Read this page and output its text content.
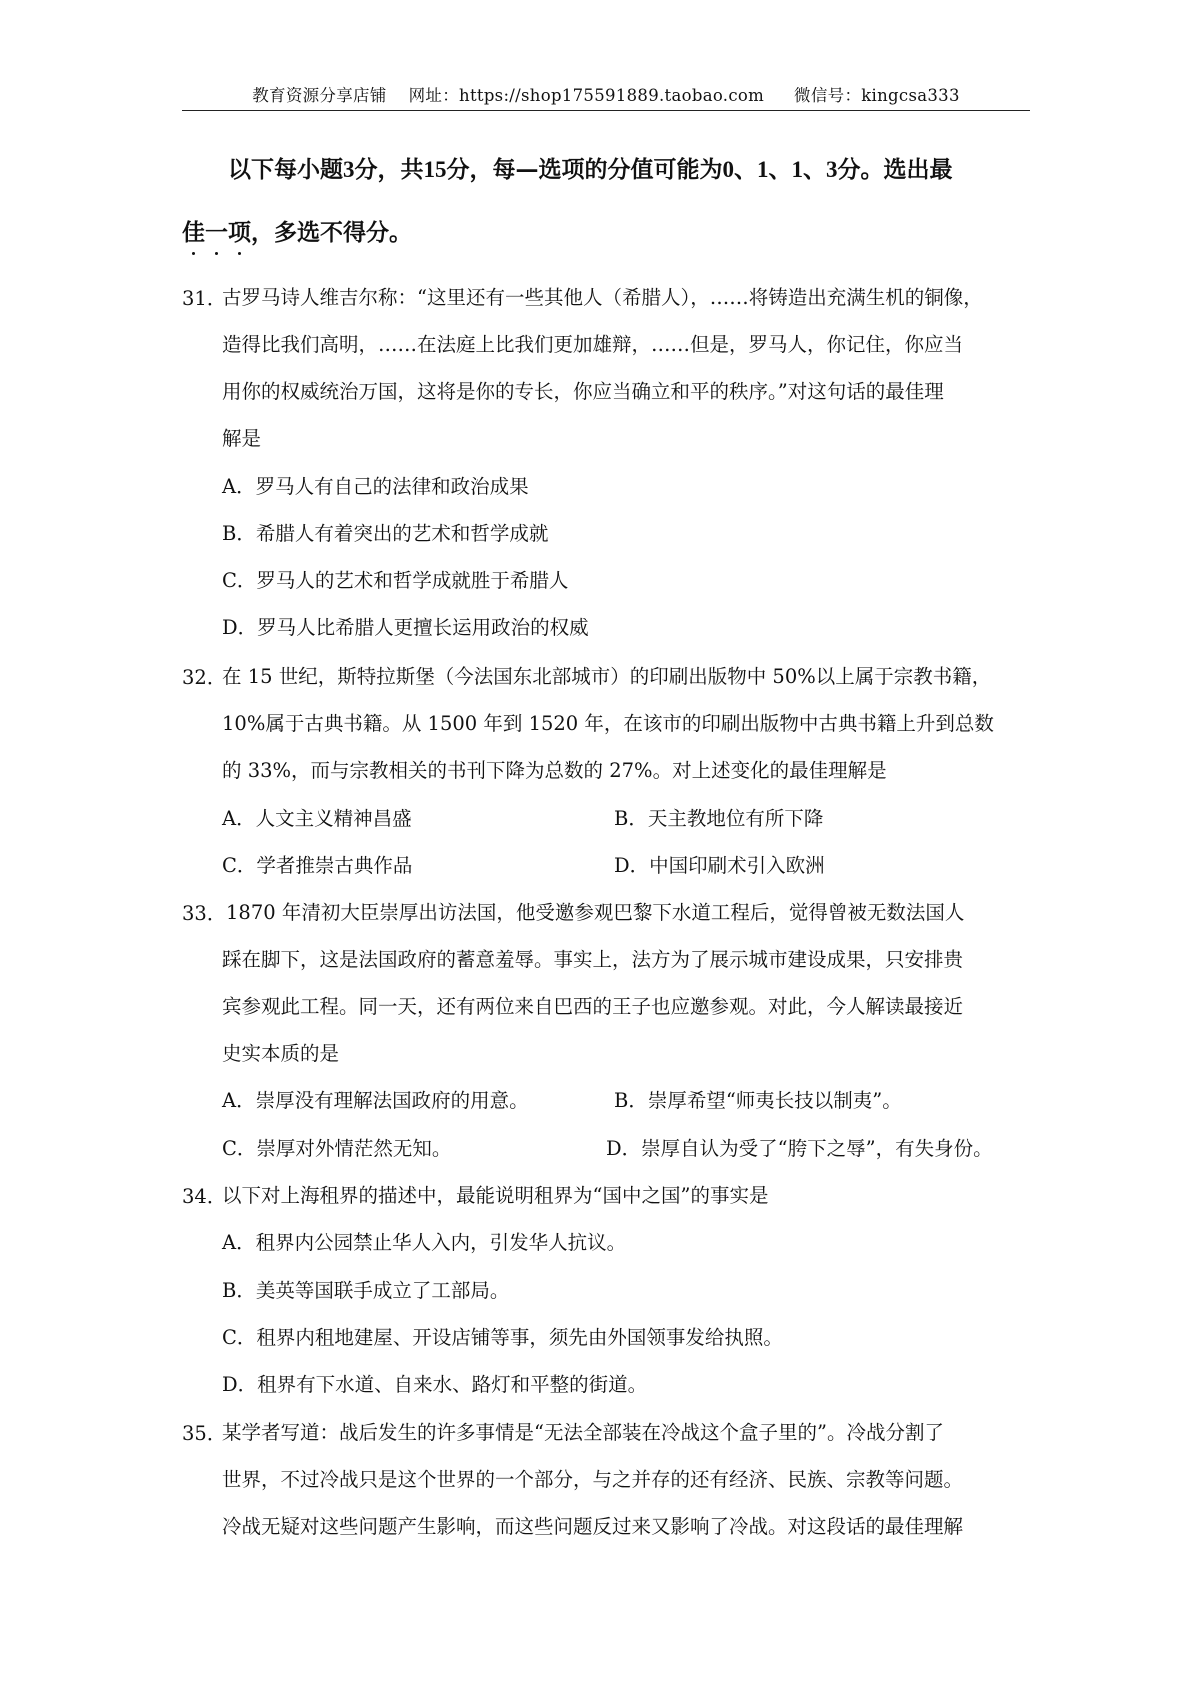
教育资源分享店铺 网址：https://shop175591889.taobao.com 微信号：kingcsa333
以下每小题3分，共15分，每—选项的分值可能为0、1、1、3分。选出最
佳一项，多选不得分。
31．
古罗马诗人维吉尔称：“这里还有一些其他人（希腊人），……将铸造出充满生机的铜像，
造得比我们高明，……在法庭上比我们更加雄辩，……但是，罗马人，你记住，你应当
用你的权威统治万国，这将是你的专长，你应当确立和平的秩序。”对这句话的最佳理
解是
A．罗马人有自己的法律和政治成果
B．希腊人有着突出的艺术和哲学成就
C．罗马人的艺术和哲学成就胜于希腊人
D．罗马人比希腊人更擅长运用政治的权威
32．
在 15 世纪，斯特拉斯堡（今法国东北部城市）的印刷出版物中 50%以上属于宗教书籍，
10%属于古典书籍。从 1500 年到 1520 年，在该市的印刷出版物中古典书籍上升到总数
的 33%，而与宗教相关的书刊下降为总数的 27%。对上述变化的最佳理解是
A．人文主义精神昌盛	B．天主教地位有所下降
C．学者推崇古典作品	D．中国印刷术引入欧洲
33． 1870 年清初大臣崇厚出访法国，他受邀参观巴黎下水道工程后，觉得曾被无数法国人
踩在脚下，这是法国政府的蓄意羞辱。事实上，法方为了展示城市建设成果，只安排贵
宾参观此工程。同一天，还有两位来自巴西的王子也应邀参观。对此，今人解读最接近
史实本质的是
A．崇厚没有理解法国政府的用意。	B．崇厚希望“师夷长技以制夷”。
C．崇厚对外情茫然无知。	D．崇厚自认为受了“胯下之辱”，有失身份。
34．
以下对上海租界的描述中，最能说明租界为“国中之国”的事实是
A．租界内公园禁止华人入内，引发华人抗议。
B．美英等国联手成立了工部局。
C．租界内租地建屋、开设店铺等事，须先由外国领事发给执照。
D．租界有下水道、自来水、路灯和平整的街道。
35．
某学者写道：战后发生的许多事情是“无法全部装在冷战这个盒子里的”。冷战分割了
世界，不过冷战只是这个世界的一个部分，与之并存的还有经济、民族、宗教等问题。
冷战无疑对这些问题产生影响，而这些问题反过来又影响了冷战。对这段话的最佳理解
